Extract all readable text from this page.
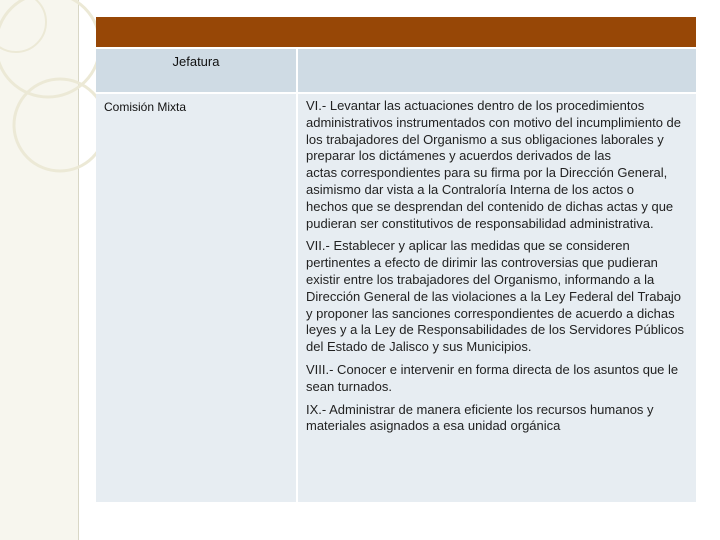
Jefatura
Comisión Mixta	VI.- Levantar las actuaciones dentro de los procedimientos administrativos instrumentados con motivo del incumplimiento de los trabajadores del Organismo a sus obligaciones laborales y preparar los dictámenes y acuerdos derivados de las
actas correspondientes para su firma por la Dirección General, asimismo dar vista a la Contraloría Interna de los actos o
hechos que se desprendan del contenido de dichas actas y que pudieran ser constitutivos de responsabilidad administrativa.

VII.- Establecer y aplicar las medidas que se consideren pertinentes a efecto de dirimir las controversias que pudieran existir entre los trabajadores del Organismo, informando a la Dirección General de las violaciones a la Ley Federal del Trabajo y proponer las sanciones correspondientes de acuerdo a dichas leyes y a la Ley de Responsabilidades de los Servidores Públicos del Estado de Jalisco y sus Municipios.

VIII.- Conocer e intervenir en forma directa de los asuntos que le sean turnados.

IX.- Administrar de manera eficiente los recursos humanos y materiales asignados a esa unidad orgánica
